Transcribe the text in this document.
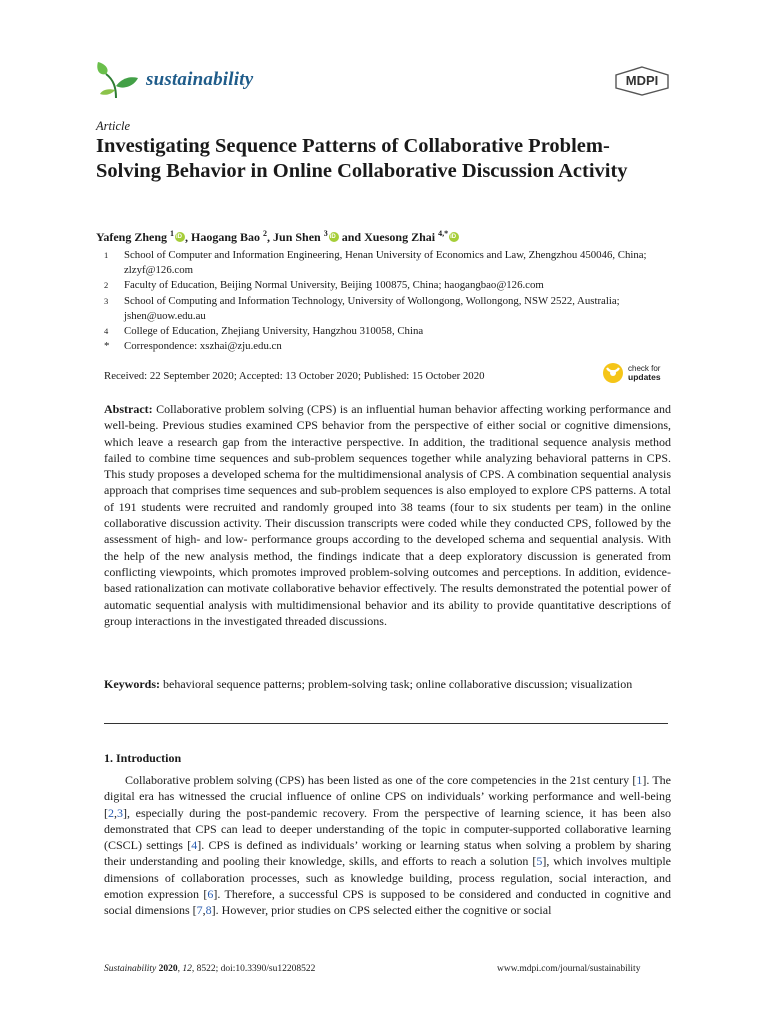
sustainability	MDPI
Article
Investigating Sequence Patterns of Collaborative Problem-Solving Behavior in Online Collaborative Discussion Activity
Yafeng Zheng $^1$iD , Haogang Bao $^2$, Jun Shen $^3$iD and Xuesong Zhai $^{4,*}$iD
1	School of Computer and Information Engineering, Henan University of Economics and Law, Zhengzhou 450046, China; zlzyf@126.com
2	Faculty of Education, Beijing Normal University, Beijing 100875, China; haogangbao@126.com
3	School of Computing and Information Technology, University of Wollongong, Wollongong, NSW 2522, Australia; jshen@uow.edu.au
4	College of Education, Zhejiang University, Hangzhou 310058, China
*	Correspondence: xszhai@zju.edu.cn
Received: 22 September 2020; Accepted: 13 October 2020; Published: 15 October 2020
check for
updates

Abstract: Collaborative problem solving (CPS) is an influential human behavior affecting working performance and well-being. Previous studies examined CPS behavior from the perspective of either social or cognitive dimensions, which leave a research gap from the interactive perspective. In addition, the traditional sequence analysis method failed to combine time sequences and sub-problem sequences together while analyzing behavioral patterns in CPS. This study proposes a developed schema for the multidimensional analysis of CPS. A combination sequential analysis approach that comprises time sequences and sub-problem sequences is also employed to explore CPS patterns. A total of 191 students were recruited and randomly grouped into 38 teams (four to six students per team) in the online collaborative discussion activity. Their discussion transcripts were coded while they conducted CPS, followed by the assessment of high- and low- performance groups according to the developed schema and sequential analysis. With the help of the new analysis method, the findings indicate that a deep exploratory discussion is generated from conflicting viewpoints, which promotes improved problem-solving outcomes and perceptions. In addition, evidence-based rationalization can motivate collaborative behavior effectively. The results demonstrated the potential power of automatic sequential analysis with multidimensional behavior and its ability to provide quantitative descriptions of group interactions in the investigated threaded discussions.

Keywords: behavioral sequence patterns; problem-solving task; online collaborative discussion; visualization

1. Introduction

Collaborative problem solving (CPS) has been listed as one of the core competencies in the 21st century [1]. The digital era has witnessed the crucial influence of online CPS on individuals’ working performance and well-being [2,3], especially during the post-pandemic recovery. From the perspective of learning science, it has been also demonstrated that CPS can lead to deeper understanding of the topic in computer-supported collaborative learning (CSCL) settings [4]. CPS is defined as individuals’ working or learning status when solving a problem by sharing their understanding and pooling their knowledge, skills, and efforts to reach a solution [5], which involves multiple dimensions of collaboration processes, such as knowledge building, process regulation, social interaction, and emotion expression [6]. Therefore, a successful CPS is supposed to be considered and conducted in cognitive and social dimensions [7,8]. However, prior studies on CPS selected either the cognitive or social

Sustainability 2020, 12, 8522; doi:10.3390/su12208522	www.mdpi.com/journal/sustainability
